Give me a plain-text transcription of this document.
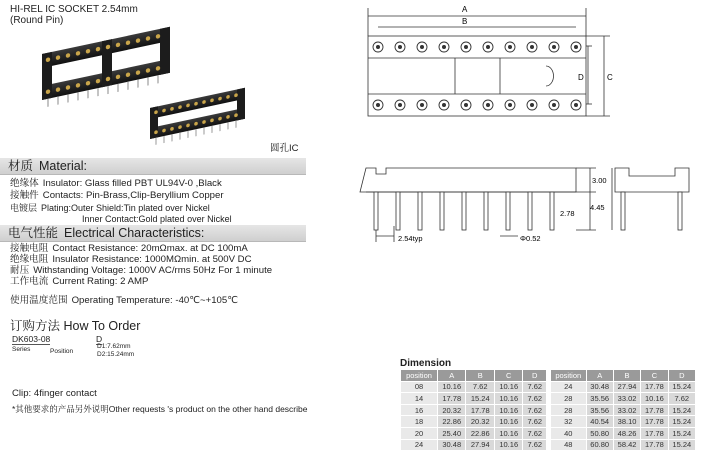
HI-REL IC SOCKET 2.54mm
(Round Pin)
圆孔IC
材质 Material:
绝缘体 Insulator: Glass filled PBT UL94V-0 ,Black
接触件 Contacts: Pin-Brass,Clip-Beryllium Copper
电镀层 Plating:Outer Shield:Tin plated over Nickel
Inner Contact:Gold plated over Nickel
电气性能 Electrical Characteristics:
接触电阻 Contact Resistance: 20mΩmax. at DC 100mA
绝缘电阻 Insulator Resistance: 1000MΩmin. at 500V DC
耐压 Withstanding Voltage: 1000V AC/rms 50Hz For 1 minute
工作电流 Current Rating: 2 AMP
使用温度范围 Operating Temperature: -40℃~+105℃
订购方法 How To Order
DK603-08	D
Series	Position
D1:7.62mm
D2:15.24mm
Clip: 4finger contact
*其他要求的产品另外说明Other requests 's product on the other hand describe
A
B
C
D
3.00
4.45
2.78
2.54typ	Φ0.52
Dimension
position	A	B	C	D
08	10.16	7.62	10.16	7.62
14	17.78	15.24	10.16	7.62
16	20.32	17.78	10.16	7.62
18	22.86	20.32	10.16	7.62
20	25.40	22.86	10.16	7.62
24	30.48	27.94	10.16	7.62
position	A	B	C	D
24	30.48	27.94	17.78	15.24
28	35.56	33.02	10.16	7.62
28	35.56	33.02	17.78	15.24
32	40.54	38.10	17.78	15.24
40	50.80	48.26	17.78	15.24
48	60.80	58.42	17.78	15.24
